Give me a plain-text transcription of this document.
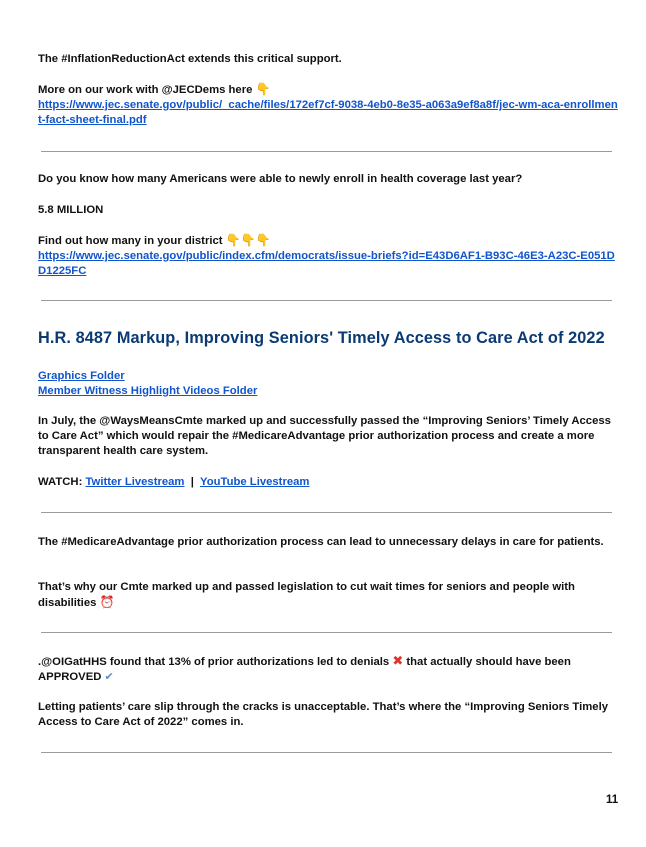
The #InflationReductionAct extends this critical support.
More on our work with @JECDems here 👇
https://www.jec.senate.gov/public/_cache/files/172ef7cf-9038-4eb0-8e35-a063a9ef8a8f/jec-wm-aca-enrollment-fact-sheet-final.pdf
Do you know how many Americans were able to newly enroll in health coverage last year?
5.8 MILLION
Find out how many in your district 👇👇👇
https://www.jec.senate.gov/public/index.cfm/democrats/issue-briefs?id=E43D6AF1-B93C-46E3-A23C-E051DD1225FC
H.R. 8487 Markup, Improving Seniors' Timely Access to Care Act of 2022
Graphics Folder
Member Witness Highlight Videos Folder
In July, the @WaysMeansCmte marked up and successfully passed the “Improving Seniors’ Timely Access to Care Act” which would repair the #MedicareAdvantage prior authorization process and create a more transparent health care system.
WATCH: Twitter Livestream | YouTube Livestream
The #MedicareAdvantage prior authorization process can lead to unnecessary delays in care for patients.
That’s why our Cmte marked up and passed legislation to cut wait times for seniors and people with disabilities ⏰
.@OIGatHHS found that 13% of prior authorizations led to denials ✖ that actually should have been APPROVED ✔
Letting patients’ care slip through the cracks is unacceptable. That’s where the “Improving Seniors Timely Access to Care Act of 2022” comes in.
11
